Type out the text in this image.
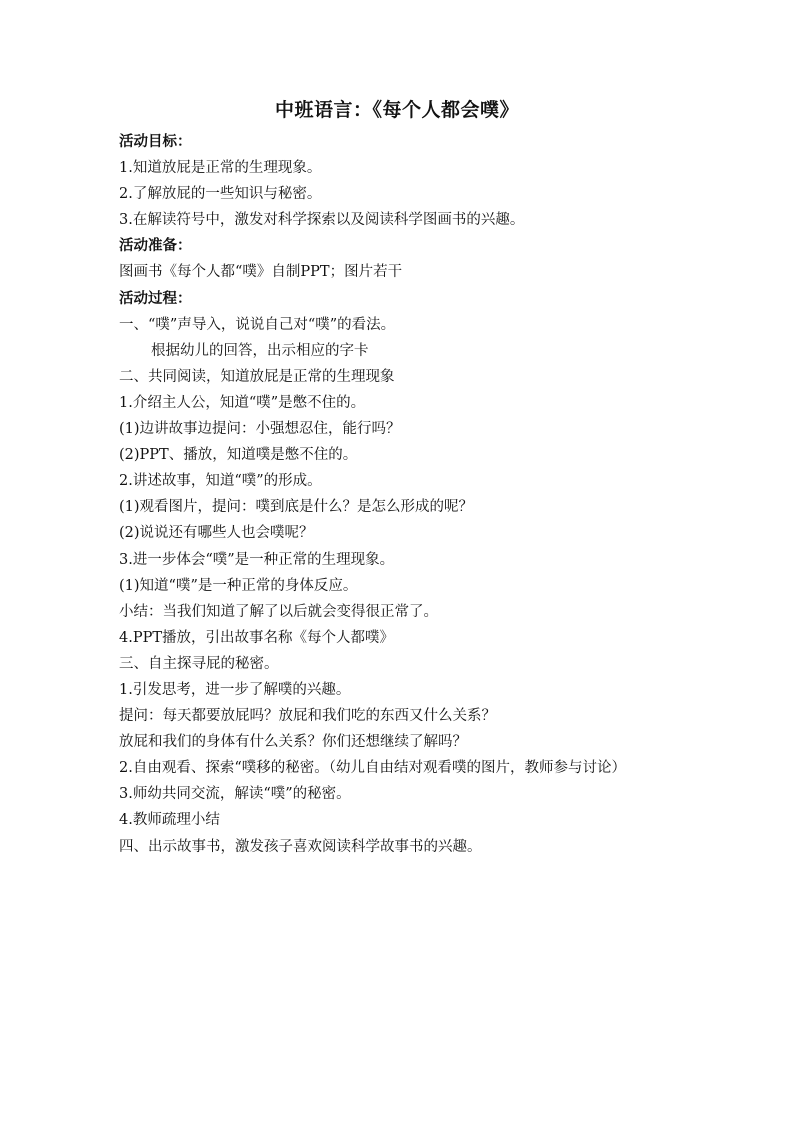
中班语言：《每个人都会噗》
活动目标：
1.知道放屁是正常的生理现象。
2.了解放屁的一些知识与秘密。
3.在解读符号中，激发对科学探索以及阅读科学图画书的兴趣。
活动准备：
图画书《每个人都“噗》自制PPT；图片若干
活动过程：
一、“噗”声导入，说说自己对“噗”的看法。
根据幼儿的回答，出示相应的字卡
二、共同阅读，知道放屁是正常的生理现象
1.介绍主人公，知道“噗”是憋不住的。
(1)边讲故事边提问：小强想忍住，能行吗？
(2)PPT、播放，知道噗是憋不住的。
2.讲述故事，知道“噗”的形成。
(1)观看图片，提问：噗到底是什么？是怎么形成的呢？
(2)说说还有哪些人也会噗呢？
3.进一步体会“噗”是一种正常的生理现象。
(1)知道“噗”是一种正常的身体反应。
小结：当我们知道了解了以后就会变得很正常了。
4.PPT播放，引出故事名称《每个人都噗》
三、自主探寻屁的秘密。
1.引发思考，进一步了解噗的兴趣。
提问：每天都要放屁吗？放屁和我们吃的东西又什么关系？
放屁和我们的身体有什么关系？你们还想继续了解吗？
2.自由观看、探索“噗移的秘密。（幼儿自由结对观看噗的图片，教师参与讨论）
3.师幼共同交流，解读“噗”的秘密。
4.教师疏理小结
四、出示故事书，激发孩子喜欢阅读科学故事书的兴趣。
